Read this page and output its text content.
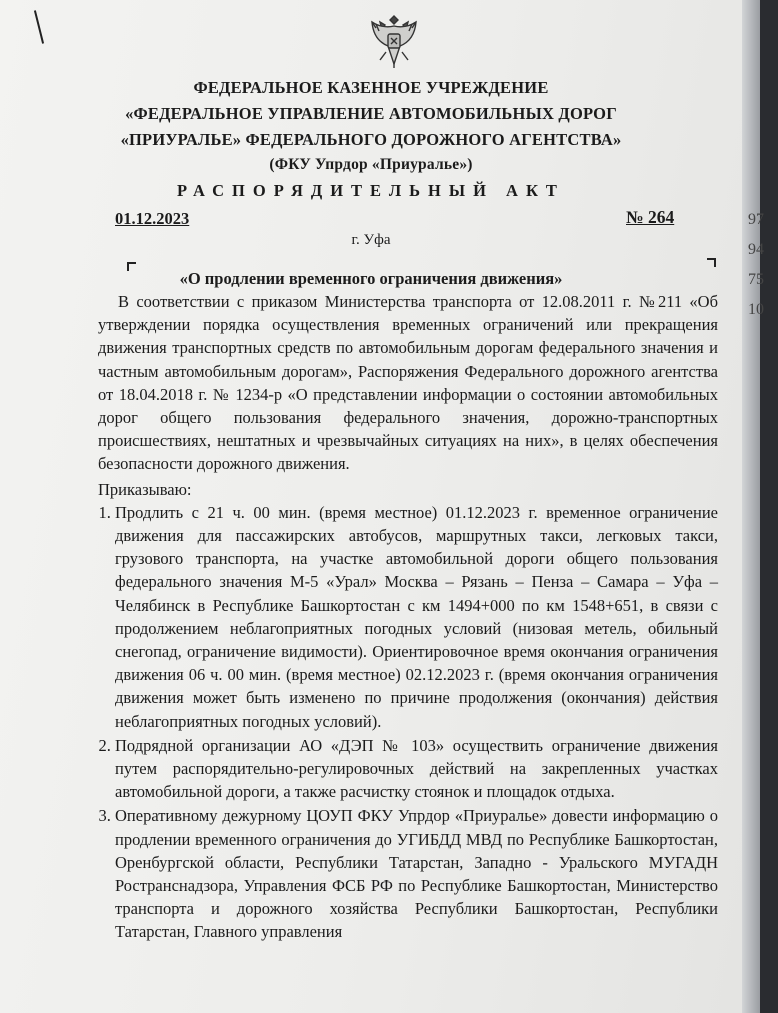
97
94
75
10
ФЕДЕРАЛЬНОЕ КАЗЕННОЕ УЧРЕЖДЕНИЕ
«ФЕДЕРАЛЬНОЕ УПРАВЛЕНИЕ АВТОМОБИЛЬНЫХ ДОРОГ
«ПРИУРАЛЬЕ» ФЕДЕРАЛЬНОГО ДОРОЖНОГО АГЕНТСТВА»
(ФКУ Упрдор «Приуралье»)
РАСПОРЯДИТЕЛЬНЫЙ АКТ
01.12.2023	№ 264
г. Уфа
«О продлении временного ограничения движения»

В соответствии с приказом Министерства транспорта от 12.08.2011 г. №211 «Об утверждении порядка осуществления временных ограничений или прекращения движения транспортных средств по автомобильным дорогам федерального значения и частным автомобильным дорогам», Распоряжения Федерального дорожного агентства от 18.04.2018 г. № 1234-р «О представлении информации о состоянии автомобильных дорог общего пользования федерального значения, дорожно-транспортных происшествиях, нештатных и чрезвычайных ситуациях на них», в целях обеспечения безопасности дорожного движения.

Приказываю:

1. Продлить с 21 ч. 00 мин. (время местное) 01.12.2023 г. временное ограничение движения для пассажирских автобусов, маршрутных такси, легковых такси, грузового транспорта, на участке автомобильной дороги общего пользования федерального значения М-5 «Урал» Москва – Рязань – Пенза – Самара – Уфа – Челябинск в Республике Башкортостан с км 1494+000 по км 1548+651, в связи с продолжением неблагоприятных погодных условий (низовая метель, обильный снегопад, ограничение видимости). Ориентировочное время окончания ограничения движения 06 ч. 00 мин. (время местное) 02.12.2023 г. (время окончания ограничения движения может быть изменено по причине продолжения (окончания) действия неблагоприятных погодных условий).
2. Подрядной организации АО «ДЭП № 103» осуществить ограничение движения путем распорядительно-регулировочных действий на закрепленных участках автомобильной дороги, а также расчистку стоянок и площадок отдыха.
3. Оперативному дежурному ЦОУП ФКУ Упрдор «Приуралье» довести информацию о продлении временного ограничения до УГИБДД МВД по Республике Башкортостан, Оренбургской области, Республики Татарстан, Западно - Уральского МУГАДН Ространснадзора, Управления ФСБ РФ по Республике Башкортостан, Министерство транспорта и дорожного хозяйства Республики Башкортостан, Республики Татарстан, Главного управления
